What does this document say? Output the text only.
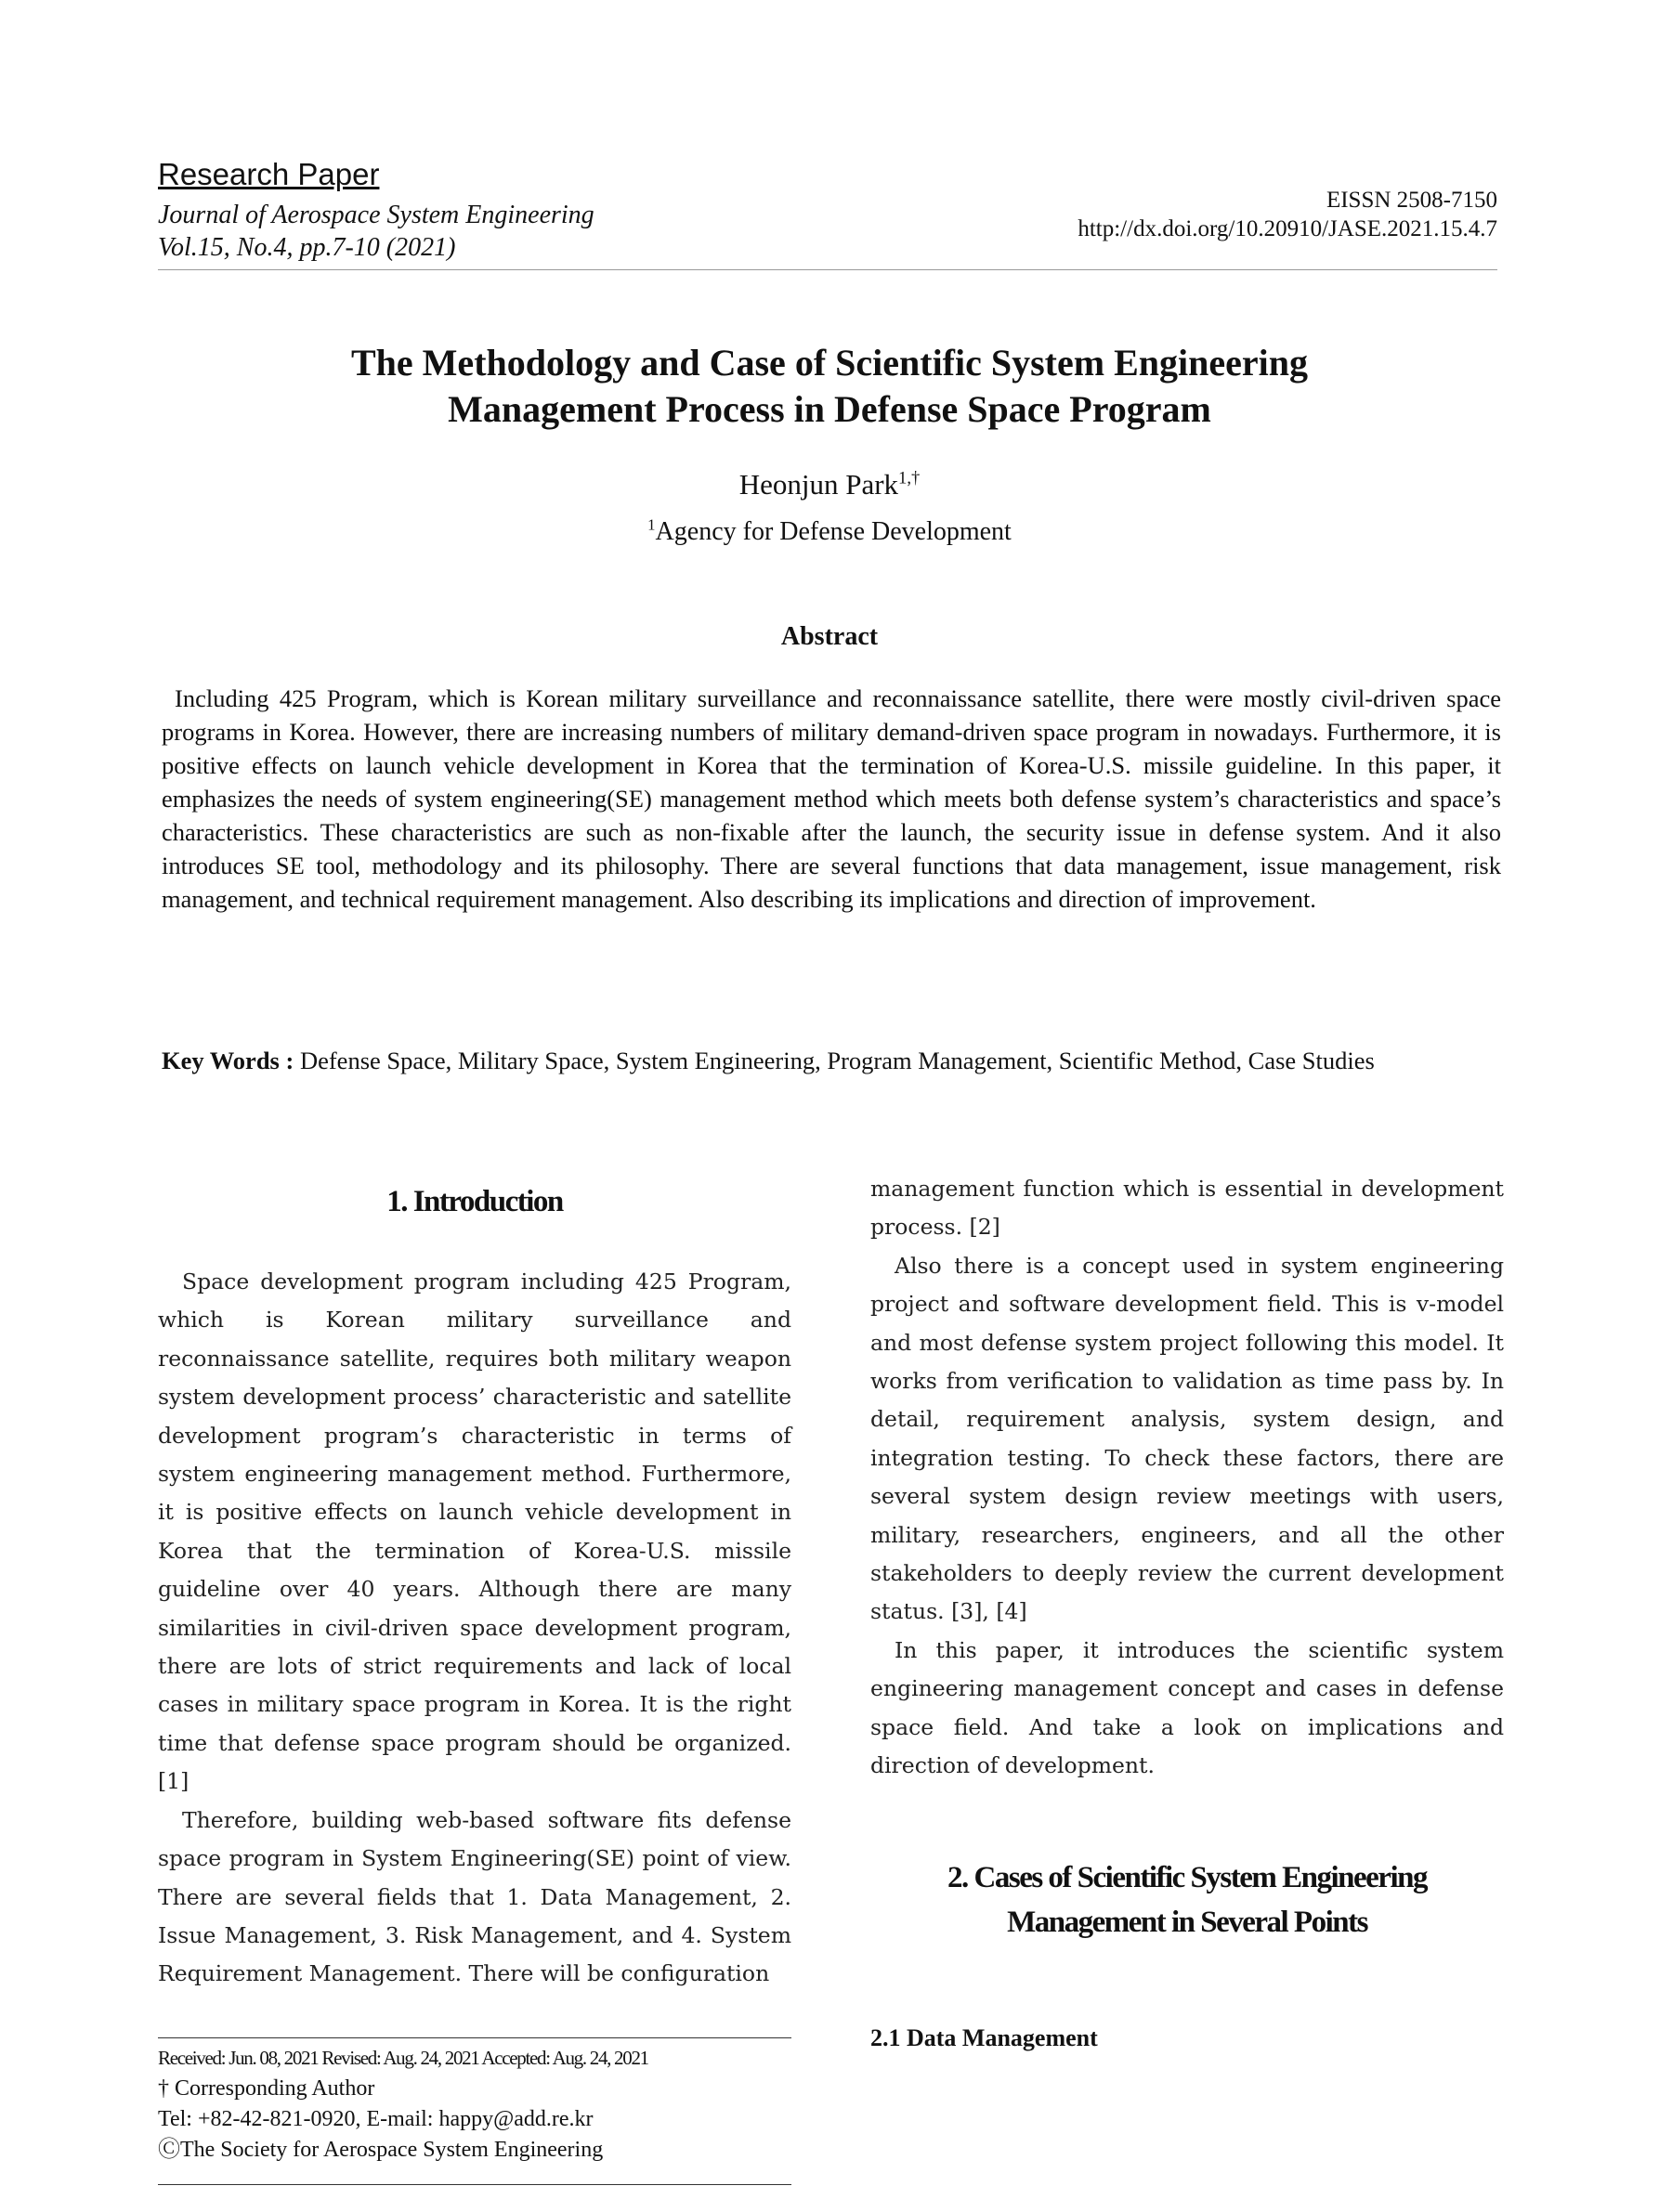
Research Paper
Journal of Aerospace System Engineering
Vol.15, No.4, pp.7-10 (2021)
EISSN 2508-7150
http://dx.doi.org/10.20910/JASE.2021.15.4.7
The Methodology and Case of Scientific System Engineering
Management Process in Defense Space Program
Heonjun Park$^{1,\dagger}$
$^1$Agency for Defense Development
Abstract

Including 425 Program, which is Korean military surveillance and reconnaissance satellite, there were mostly civil-driven space programs in Korea. However, there are increasing numbers of military demand-driven space program in nowadays. Furthermore, it is positive effects on launch vehicle development in Korea that the termination of Korea-U.S. missile guideline. In this paper, it emphasizes the needs of system engineering(SE) management method which meets both defense system’s characteristics and space’s characteristics. These characteristics are such as non-fixable after the launch, the security issue in defense system. And it also introduces SE tool, methodology and its philosophy. There are several functions that data management, issue management, risk management, and technical requirement management. Also describing its implications and direction of improvement.

Key Words : Defense Space, Military Space, System Engineering, Program Management, Scientific Method, Case Studies

1. Introduction

Space development program including 425 Program, which is Korean military surveillance and reconnaissance satellite, requires both military weapon system development process’ characteristic and satellite development program’s characteristic in terms of system engineering management method. Furthermore, it is positive effects on launch vehicle development in Korea that the termination of Korea-U.S. missile guideline over 40 years. Although there are many similarities in civil-driven space development program, there are lots of strict requirements and lack of local cases in military space program in Korea. It is the right time that defense space program should be organized. [1]

Therefore, building web-based software fits defense space program in System Engineering(SE) point of view. There are several fields that 1. Data Management, 2. Issue Management, 3. Risk Management, and 4. System Requirement Management. There will be configuration

management function which is essential in development process. [2]

Also there is a concept used in system engineering project and software development field. This is v-model and most defense system project following this model. It works from verification to validation as time pass by. In detail, requirement analysis, system design, and integration testing. To check these factors, there are several system design review meetings with users, military, researchers, engineers, and all the other stakeholders to deeply review the current development status. [3], [4]

In this paper, it introduces the scientific system engineering management concept and cases in defense space field. And take a look on implications and direction of development.

2. Cases of Scientific System Engineering
Management in Several Points
2.1 Data Management
Received: Jun. 08, 2021 Revised: Aug. 24, 2021 Accepted: Aug. 24, 2021
† Corresponding Author
Tel: +82-42-821-0920, E-mail: happy@add.re.kr
ⒸThe Society for Aerospace System Engineering
